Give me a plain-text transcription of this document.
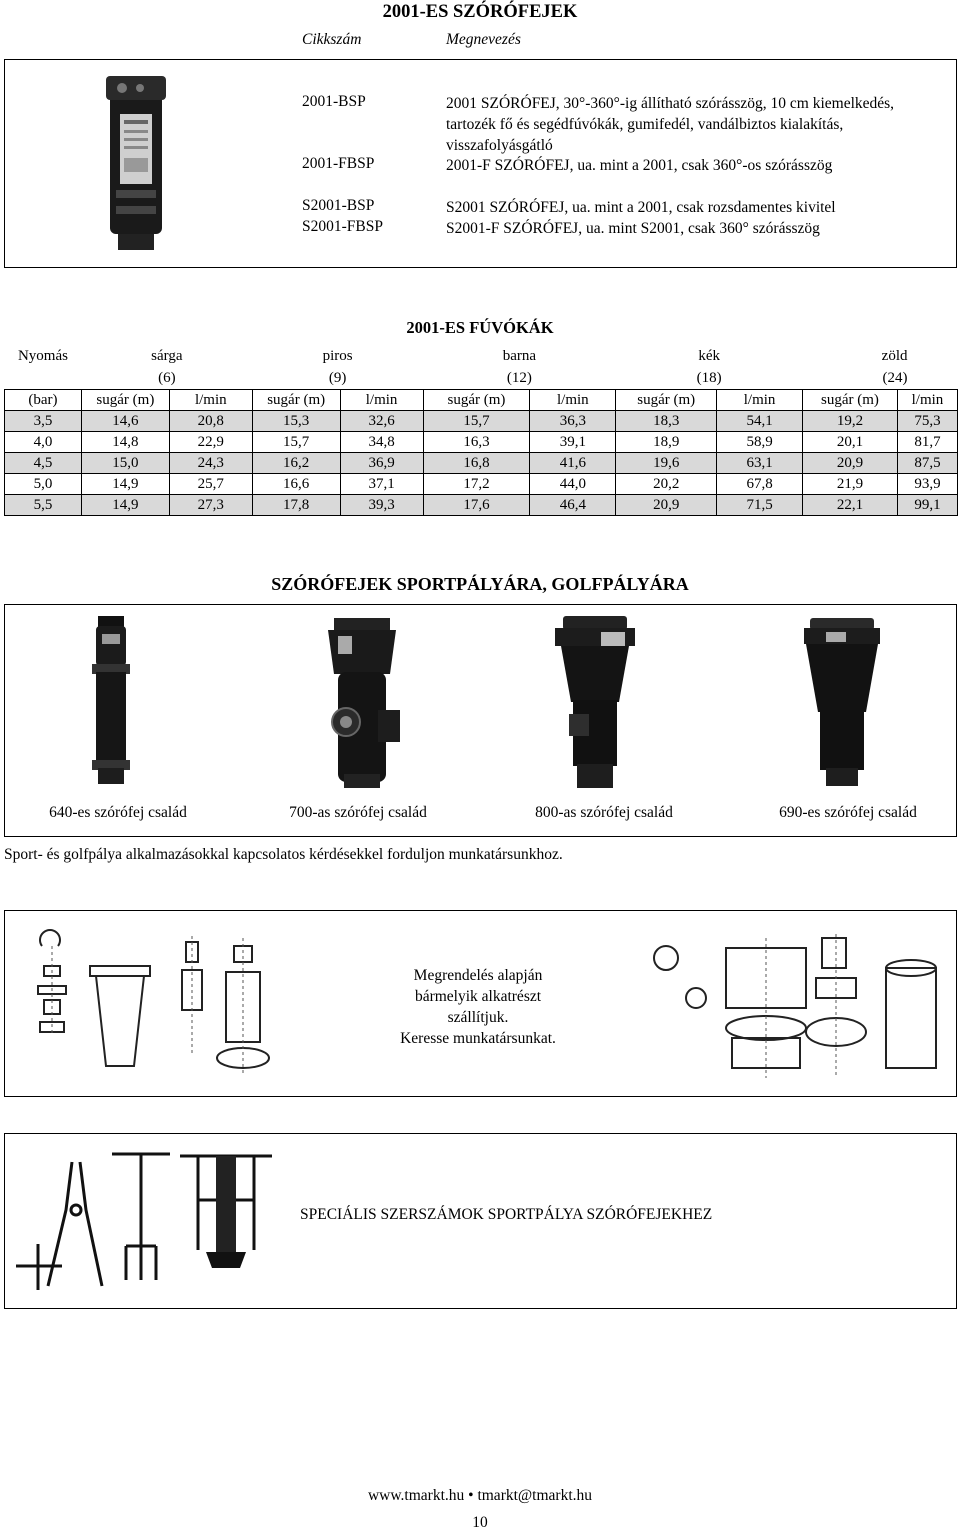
2001-ES SZÓRÓFEJEK
Cikkszám	Megnevezés
2001-BSP	2001 SZÓRÓFEJ, 30°-360°-ig állítható szórásszög, 10 cm kiemelkedés,
tartozék fő és segédfúvókák, gumifedél, vandálbiztos kialakítás,
visszafolyásgátló
2001-FBSP	2001-F SZÓRÓFEJ, ua. mint a 2001, csak 360°-os szórásszög
S2001-BSP	S2001 SZÓRÓFEJ, ua. mint a 2001, csak rozsdamentes kivitel
S2001-FBSP	S2001-F SZÓRÓFEJ, ua. mint S2001, csak 360° szórásszög
2001-ES FÚVÓKÁK
Nyomás	sárga		piros		barna		kék		zöld	
	(6)		(9)		(12)		(18)		(24)	
(bar)	sugár (m)	l/min	sugár (m)	l/min	sugár (m)	l/min	sugár (m)	l/min	sugár (m)	l/min
3,5	14,6	20,8	15,3	32,6	15,7	36,3	18,3	54,1	19,2	75,3
4,0	14,8	22,9	15,7	34,8	16,3	39,1	18,9	58,9	20,1	81,7
4,5	15,0	24,3	16,2	36,9	16,8	41,6	19,6	63,1	20,9	87,5
5,0	14,9	25,7	16,6	37,1	17,2	44,0	20,2	67,8	21,9	93,9
5,5	14,9	27,3	17,8	39,3	17,6	46,4	20,9	71,5	22,1	99,1
SZÓRÓFEJEK SPORTPÁLYÁRA, GOLFPÁLYÁRA
640-es szórófej család	700-as szórófej család	800-as szórófej család	690-es szórófej család
Sport- és golfpálya alkalmazásokkal kapcsolatos kérdésekkel forduljon munkatársunkhoz.
Megrendelés alapján
bármelyik alkatrészt
szállítjuk.
Keresse munkatársunkat.
SPECIÁLIS SZERSZÁMOK SPORTPÁLYA SZÓRÓFEJEKHEZ
www.tmarkt.hu • tmarkt@tmarkt.hu
10
